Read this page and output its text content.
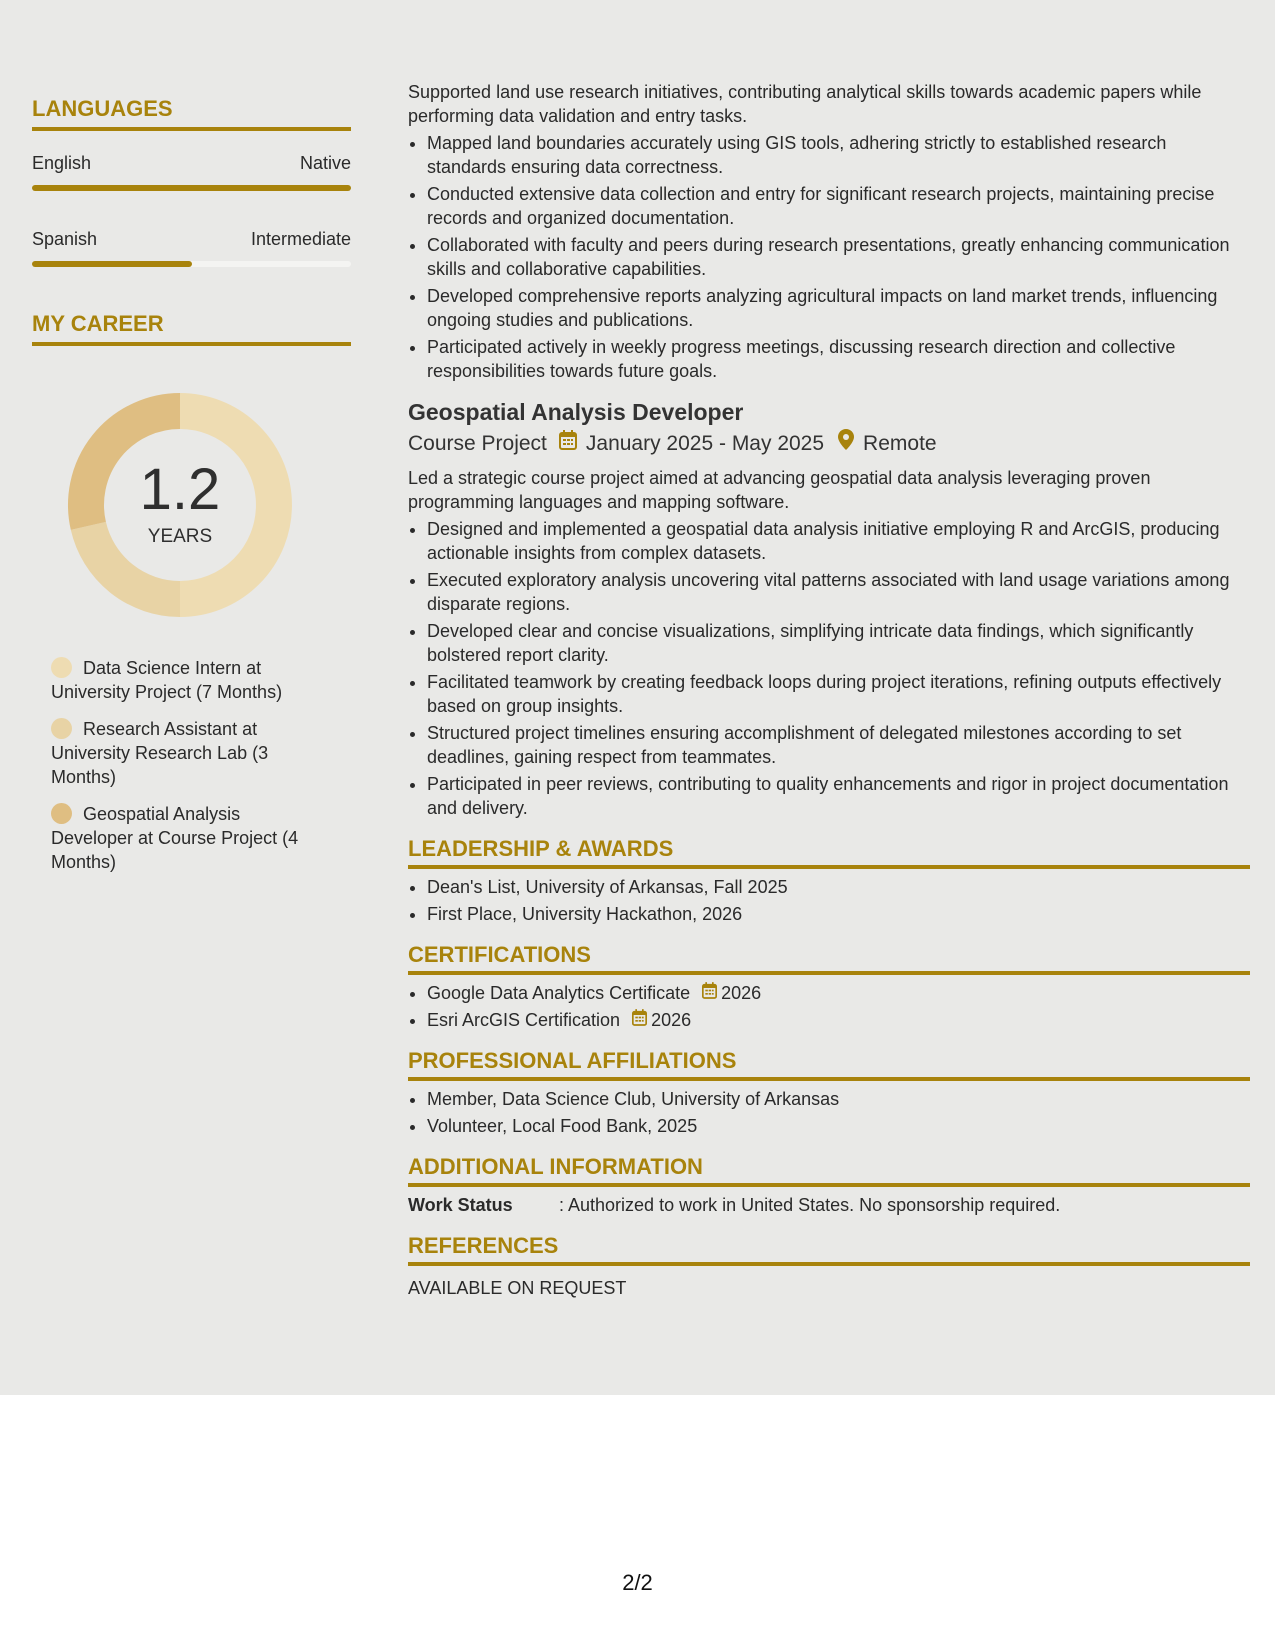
LANGUAGES
English	Native
Spanish	Intermediate
MY CAREER
1.2
YEARS
Data Science Intern at University Project (7 Months)
Research Assistant at University Research Lab (3 Months)
Geospatial Analysis Developer at Course Project (4 Months)

Supported land use research initiatives, contributing analytical skills towards academic papers while performing data validation and entry tasks.

• Mapped land boundaries accurately using GIS tools, adhering strictly to established research standards ensuring data correctness.
• Conducted extensive data collection and entry for significant research projects, maintaining precise records and organized documentation.
• Collaborated with faculty and peers during research presentations, greatly enhancing communication skills and collaborative capabilities.
• Developed comprehensive reports analyzing agricultural impacts on land market trends, influencing ongoing studies and publications.
• Participated actively in weekly progress meetings, discussing research direction and collective responsibilities towards future goals.
Geospatial Analysis Developer
Course Project January 2025 - May 2025 Remote

Led a strategic course project aimed at advancing geospatial data analysis leveraging proven programming languages and mapping software.

• Designed and implemented a geospatial data analysis initiative employing R and ArcGIS, producing actionable insights from complex datasets.
• Executed exploratory analysis uncovering vital patterns associated with land usage variations among disparate regions.
• Developed clear and concise visualizations, simplifying intricate data findings, which significantly bolstered report clarity.
• Facilitated teamwork by creating feedback loops during project iterations, refining outputs effectively based on group insights.
• Structured project timelines ensuring accomplishment of delegated milestones according to set deadlines, gaining respect from teammates.
• Participated in peer reviews, contributing to quality enhancements and rigor in project documentation and delivery.
LEADERSHIP & AWARDS
• Dean's List, University of Arkansas, Fall 2025
• First Place, University Hackathon, 2026
CERTIFICATIONS
• Google Data Analytics Certificate 2026
• Esri ArcGIS Certification 2026
PROFESSIONAL AFFILIATIONS
• Member, Data Science Club, University of Arkansas
• Volunteer, Local Food Bank, 2025
ADDITIONAL INFORMATION
Work Status	: Authorized to work in United States. No sponsorship required.
REFERENCES
AVAILABLE ON REQUEST
2/2
